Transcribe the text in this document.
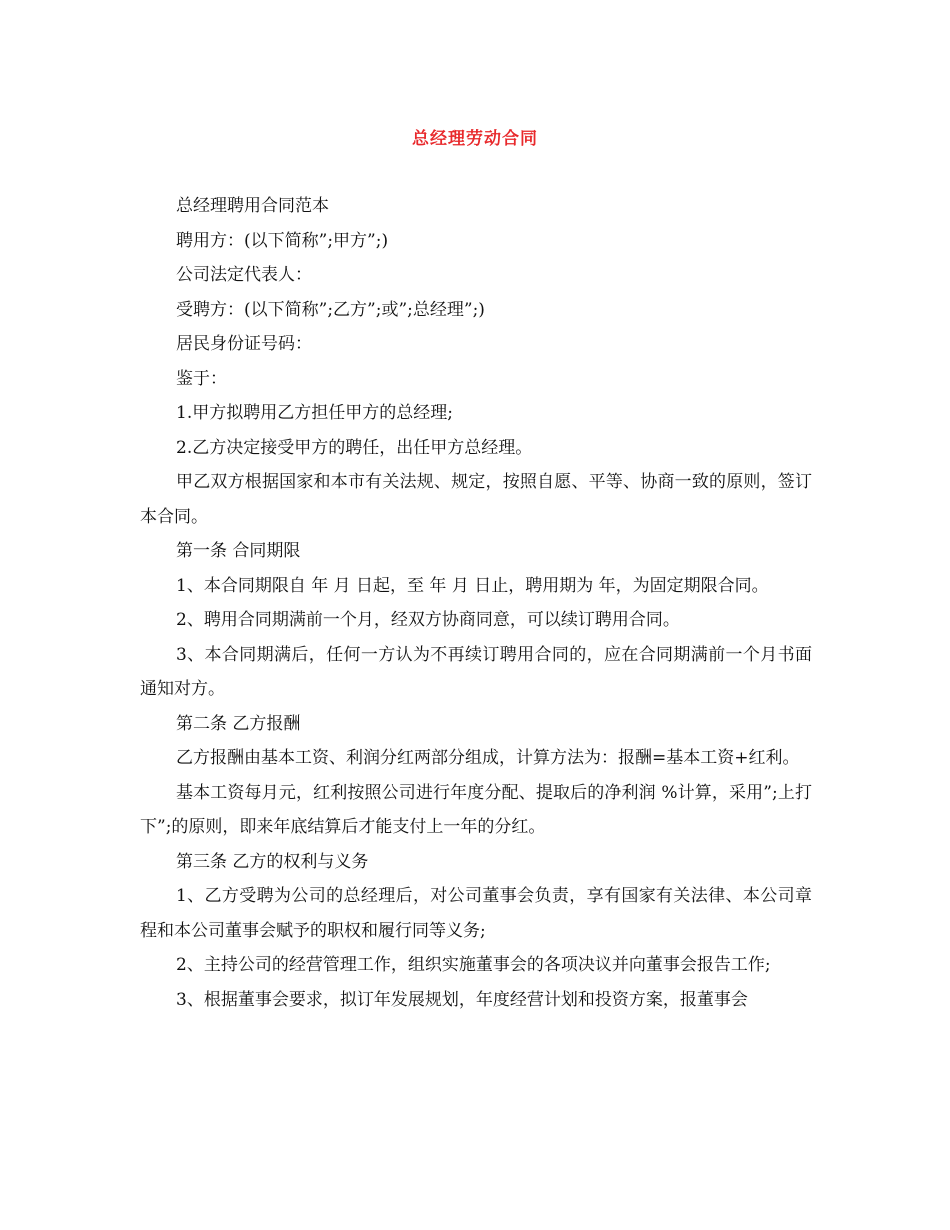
总经理劳动合同

总经理聘用合同范本

聘用方：(以下简称”;甲方”;)

公司法定代表人：

受聘方：(以下简称”;乙方”;或”;总经理”;)

居民身份证号码：

鉴于：

1.甲方拟聘用乙方担任甲方的总经理;

2.乙方决定接受甲方的聘任，出任甲方总经理。

甲乙双方根据国家和本市有关法规、规定，按照自愿、平等、协商一致的原则，签订本合同。

第一条 合同期限

1、本合同期限自 年 月 日起，至 年 月 日止，聘用期为 年，为固定期限合同。

2、聘用合同期满前一个月，经双方协商同意，可以续订聘用合同。

3、本合同期满后，任何一方认为不再续订聘用合同的，应在合同期满前一个月书面通知对方。

第二条 乙方报酬

乙方报酬由基本工资、利润分红两部分组成，计算方法为：报酬=基本工资+红利。

基本工资每月元，红利按照公司进行年度分配、提取后的净利润 %计算，采用”;上打下”;的原则，即来年底结算后才能支付上一年的分红。

第三条 乙方的权利与义务

1、乙方受聘为公司的总经理后，对公司董事会负责，享有国家有关法律、本公司章程和本公司董事会赋予的职权和履行同等义务;

2、主持公司的经营管理工作，组织实施董事会的各项决议并向董事会报告工作;

3、根据董事会要求，拟订年发展规划，年度经营计划和投资方案，报董事会
